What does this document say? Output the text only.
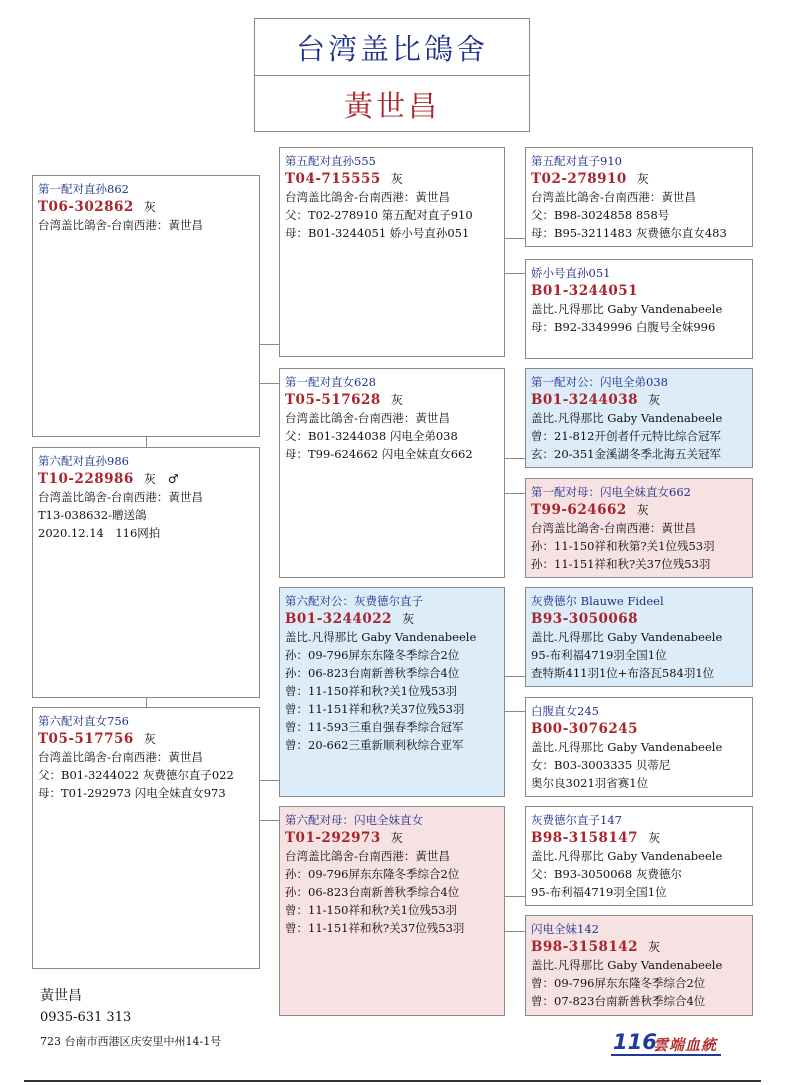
台湾盖比鴿舍
黃世昌
第一配对直孙862
T06-302862 灰
台湾盖比鴿舍-台南西港：黃世昌
第六配对直孙986
T10-228986 灰 ♂
台湾盖比鴿舍-台南西港：黃世昌
T13-038632-贈送鴿
2020.12.14　116网拍
第六配对直女756
T05-517756 灰
台湾盖比鴿舍-台南西港：黃世昌
父：B01-3244022 灰费德尔直子022
母：T01-292973 闪电全妹直女973
第五配对直孙555
T04-715555 灰
台湾盖比鴿舍-台南西港：黃世昌
父：T02-278910 第五配对直子910
母：B01-3244051 娇小号直孙051
第一配对直女628
T05-517628 灰
台湾盖比鴿舍-台南西港：黃世昌
父：B01-3244038 闪电全弟038
母：T99-624662 闪电全妹直女662
第六配对公：灰费德尔直子
B01-3244022 灰
盖比.凡得那比 Gaby Vandenabeele
孙：09-796屏东东隆冬季综合2位
孙：06-823台南新善秋季综合4位
曾：11-150祥和秋?关1位残53羽
曾：11-151祥和秋?关37位残53羽
曾：11-593三重自强春季综合冠军
曾：20-662三重新顺利秋综合亚军
第六配对母：闪电全妹直女
T01-292973 灰
台湾盖比鴿舍-台南西港：黃世昌
孙：09-796屏东东隆冬季综合2位
孙：06-823台南新善秋季综合4位
曾：11-150祥和秋?关1位残53羽
曾：11-151祥和秋?关37位残53羽
第五配对直子910
T02-278910 灰
台湾盖比鴿舍-台南西港：黃世昌
父：B98-3024858 858号
母：B95-3211483 灰费德尔直女483
娇小号直孙051
B01-3244051
盖比.凡得那比 Gaby Vandenabeele
母：B92-3349996 白腹号全妹996
第一配对公：闪电全弟038
B01-3244038 灰
盖比.凡得那比 Gaby Vandenabeele
曾：21-812开创者仟元特比综合冠军
玄：20-351金溪湖冬季北海五关冠军
第一配对母：闪电全妹直女662
T99-624662 灰
台湾盖比鴿舍-台南西港：黃世昌
孙：11-150祥和秋第?关1位残53羽
孙：11-151祥和秋?关37位残53羽
灰费德尔 Blauwe Fideel
B93-3050068
盖比.凡得那比 Gaby Vandenabeele
95-布利福4719羽全国1位
查特斯411羽1位+布洛瓦584羽1位
白腹直女245
B00-3076245
盖比.凡得那比 Gaby Vandenabeele
女：B03-3003335 贝蒂尼
奥尔良3021羽省赛1位
灰费德尔直子147
B98-3158147 灰
盖比.凡得那比 Gaby Vandenabeele
父：B93-3050068 灰费德尔
95-布利福4719羽全国1位
闪电全妹142
B98-3158142 灰
盖比.凡得那比 Gaby Vandenabeele
曾：09-796屏东东隆冬季综合2位
曾：07-823台南新善秋季综合4位
黃世昌
0935-631 313
723 台南市西港区庆安里中州14-1号	116
雲端血統
